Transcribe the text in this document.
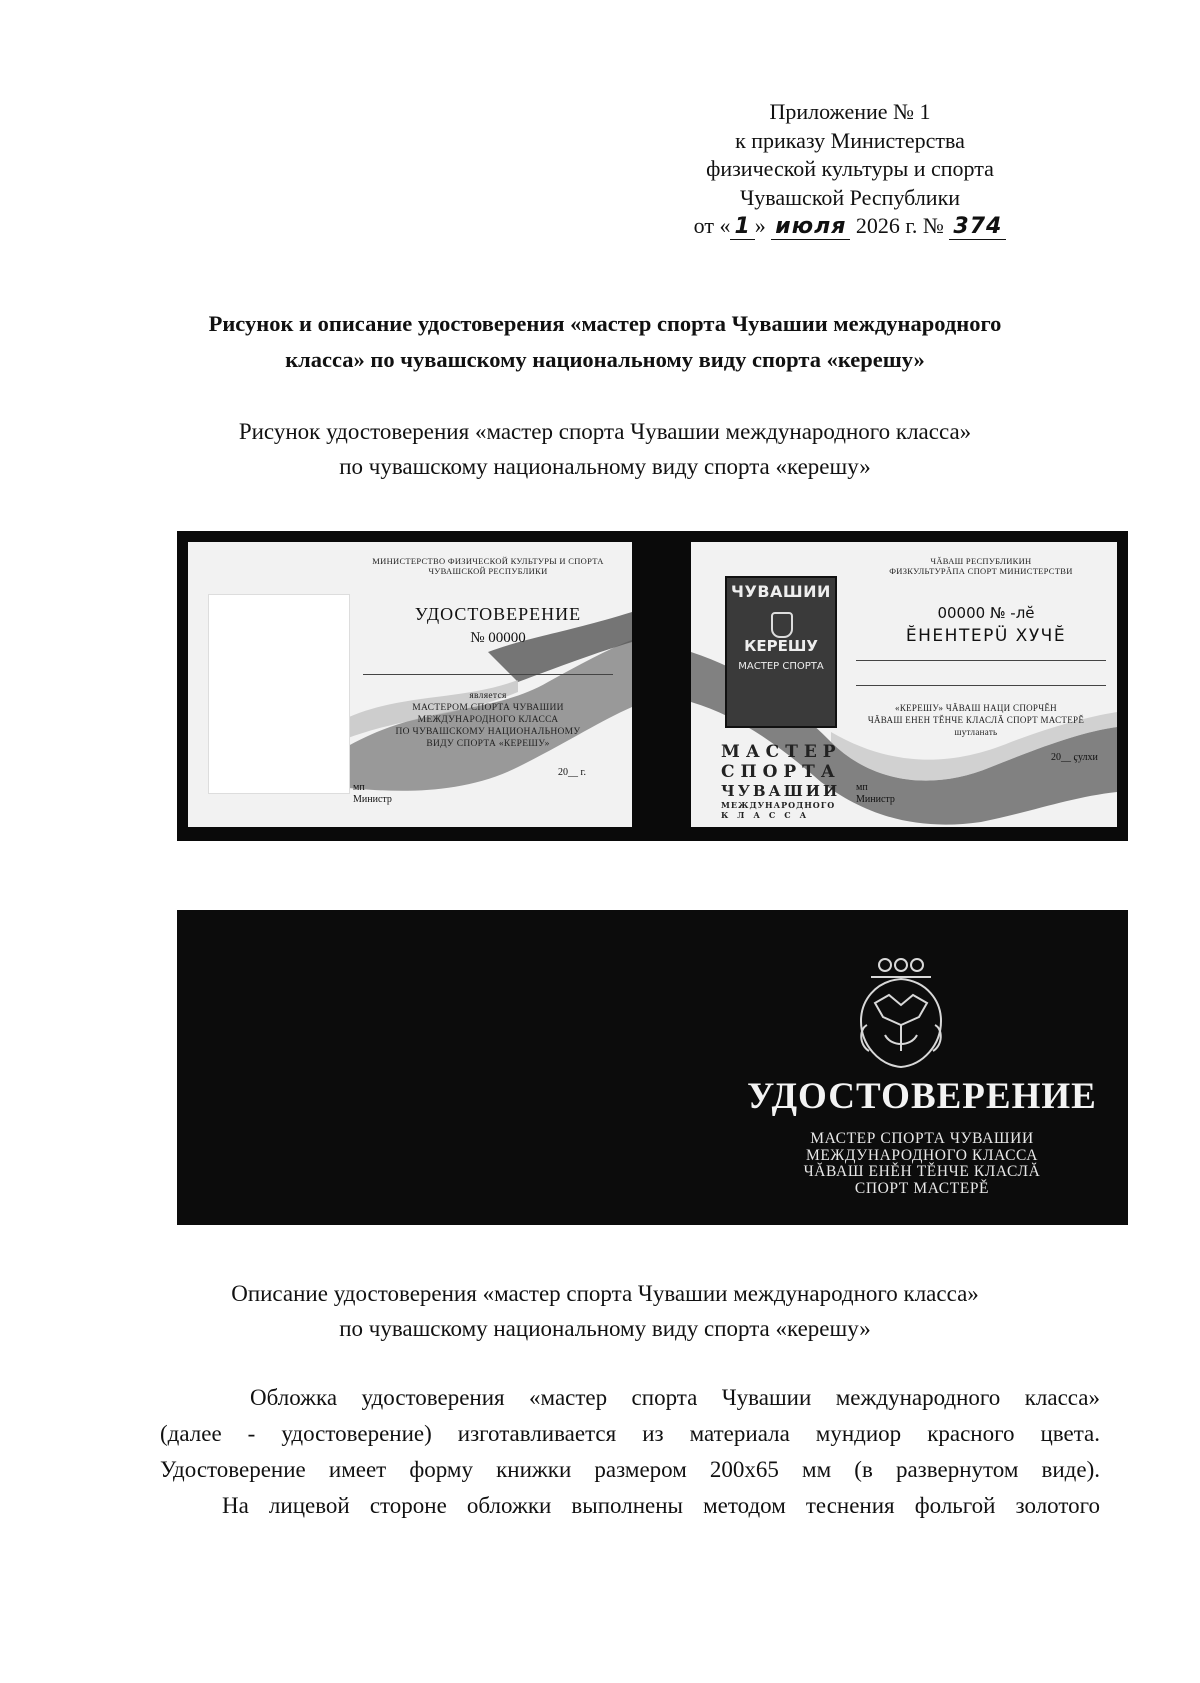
Приложение № 1
к приказу Министерства
физической культуры и спорта
Чувашской Республики
от « 1 » июля 2026 г. № 374
Рисунок и описание удостоверения «мастер спорта Чувашии международного
класса» по чувашскому национальному виду спорта «керешу»
Рисунок удостоверения «мастер спорта Чувашии международного класса»
по чувашскому национальному виду спорта «керешу»
МИНИСТЕРСТВО ФИЗИЧЕСКОЙ КУЛЬТУРЫ И СПОРТА
ЧУВАШСКОЙ РЕСПУБЛИКИ
УДОСТОВЕРЕНИЕ
№ 00000
является
МАСТЕРОМ СПОРТА ЧУВАШИИ
МЕЖДУНАРОДНОГО КЛАССА
ПО ЧУВАШСКОМУ НАЦИОНАЛЬНОМУ
ВИДУ СПОРТА «КЕРЕШУ»
20__ г.
мп
Министр
ЧУВАШИИ
КЕРЕШУ
МАСТЕР СПОРТА
ЧĂВАШ РЕСПУБЛИКИН
ФИЗКУЛЬТУРĂПА СПОРТ МИНИСТЕРСТВИ
00000 № -лĕ
ĔНЕНТЕРÜ ХУЧĔ
«КЕРЕШУ» ЧĂВАШ НАЦИ СПОРЧĚН
ЧĂВАШ ЕНЕН ТĚНЧЕ КЛАСЛĂ СПОРТ МАСТЕРĚ
шутланать
20__ ҫулхи
мп
Министр
МАСТЕР
СПОРТА
ЧУВАШИИ
МЕЖДУНАРОДНОГО
КЛАССА
УДОСТОВЕРЕНИЕ
МАСТЕР СПОРТА ЧУВАШИИ
МЕЖДУНАРОДНОГО КЛАССА
ЧĂВАШ ЕНĚН ТĚНЧЕ КЛАСЛĂ
СПОРТ МАСТЕРĚ
Описание удостоверения «мастер спорта Чувашии международного класса»
по чувашскому национальному виду спорта «керешу»
Обложка удостоверения «мастер спорта Чувашии международного класса»
(далее - удостоверение) изготавливается из материала мундиор красного цвета.
Удостоверение имеет форму книжки размером 200х65 мм (в развернутом виде).
На лицевой стороне обложки выполнены методом теснения фольгой золотого
